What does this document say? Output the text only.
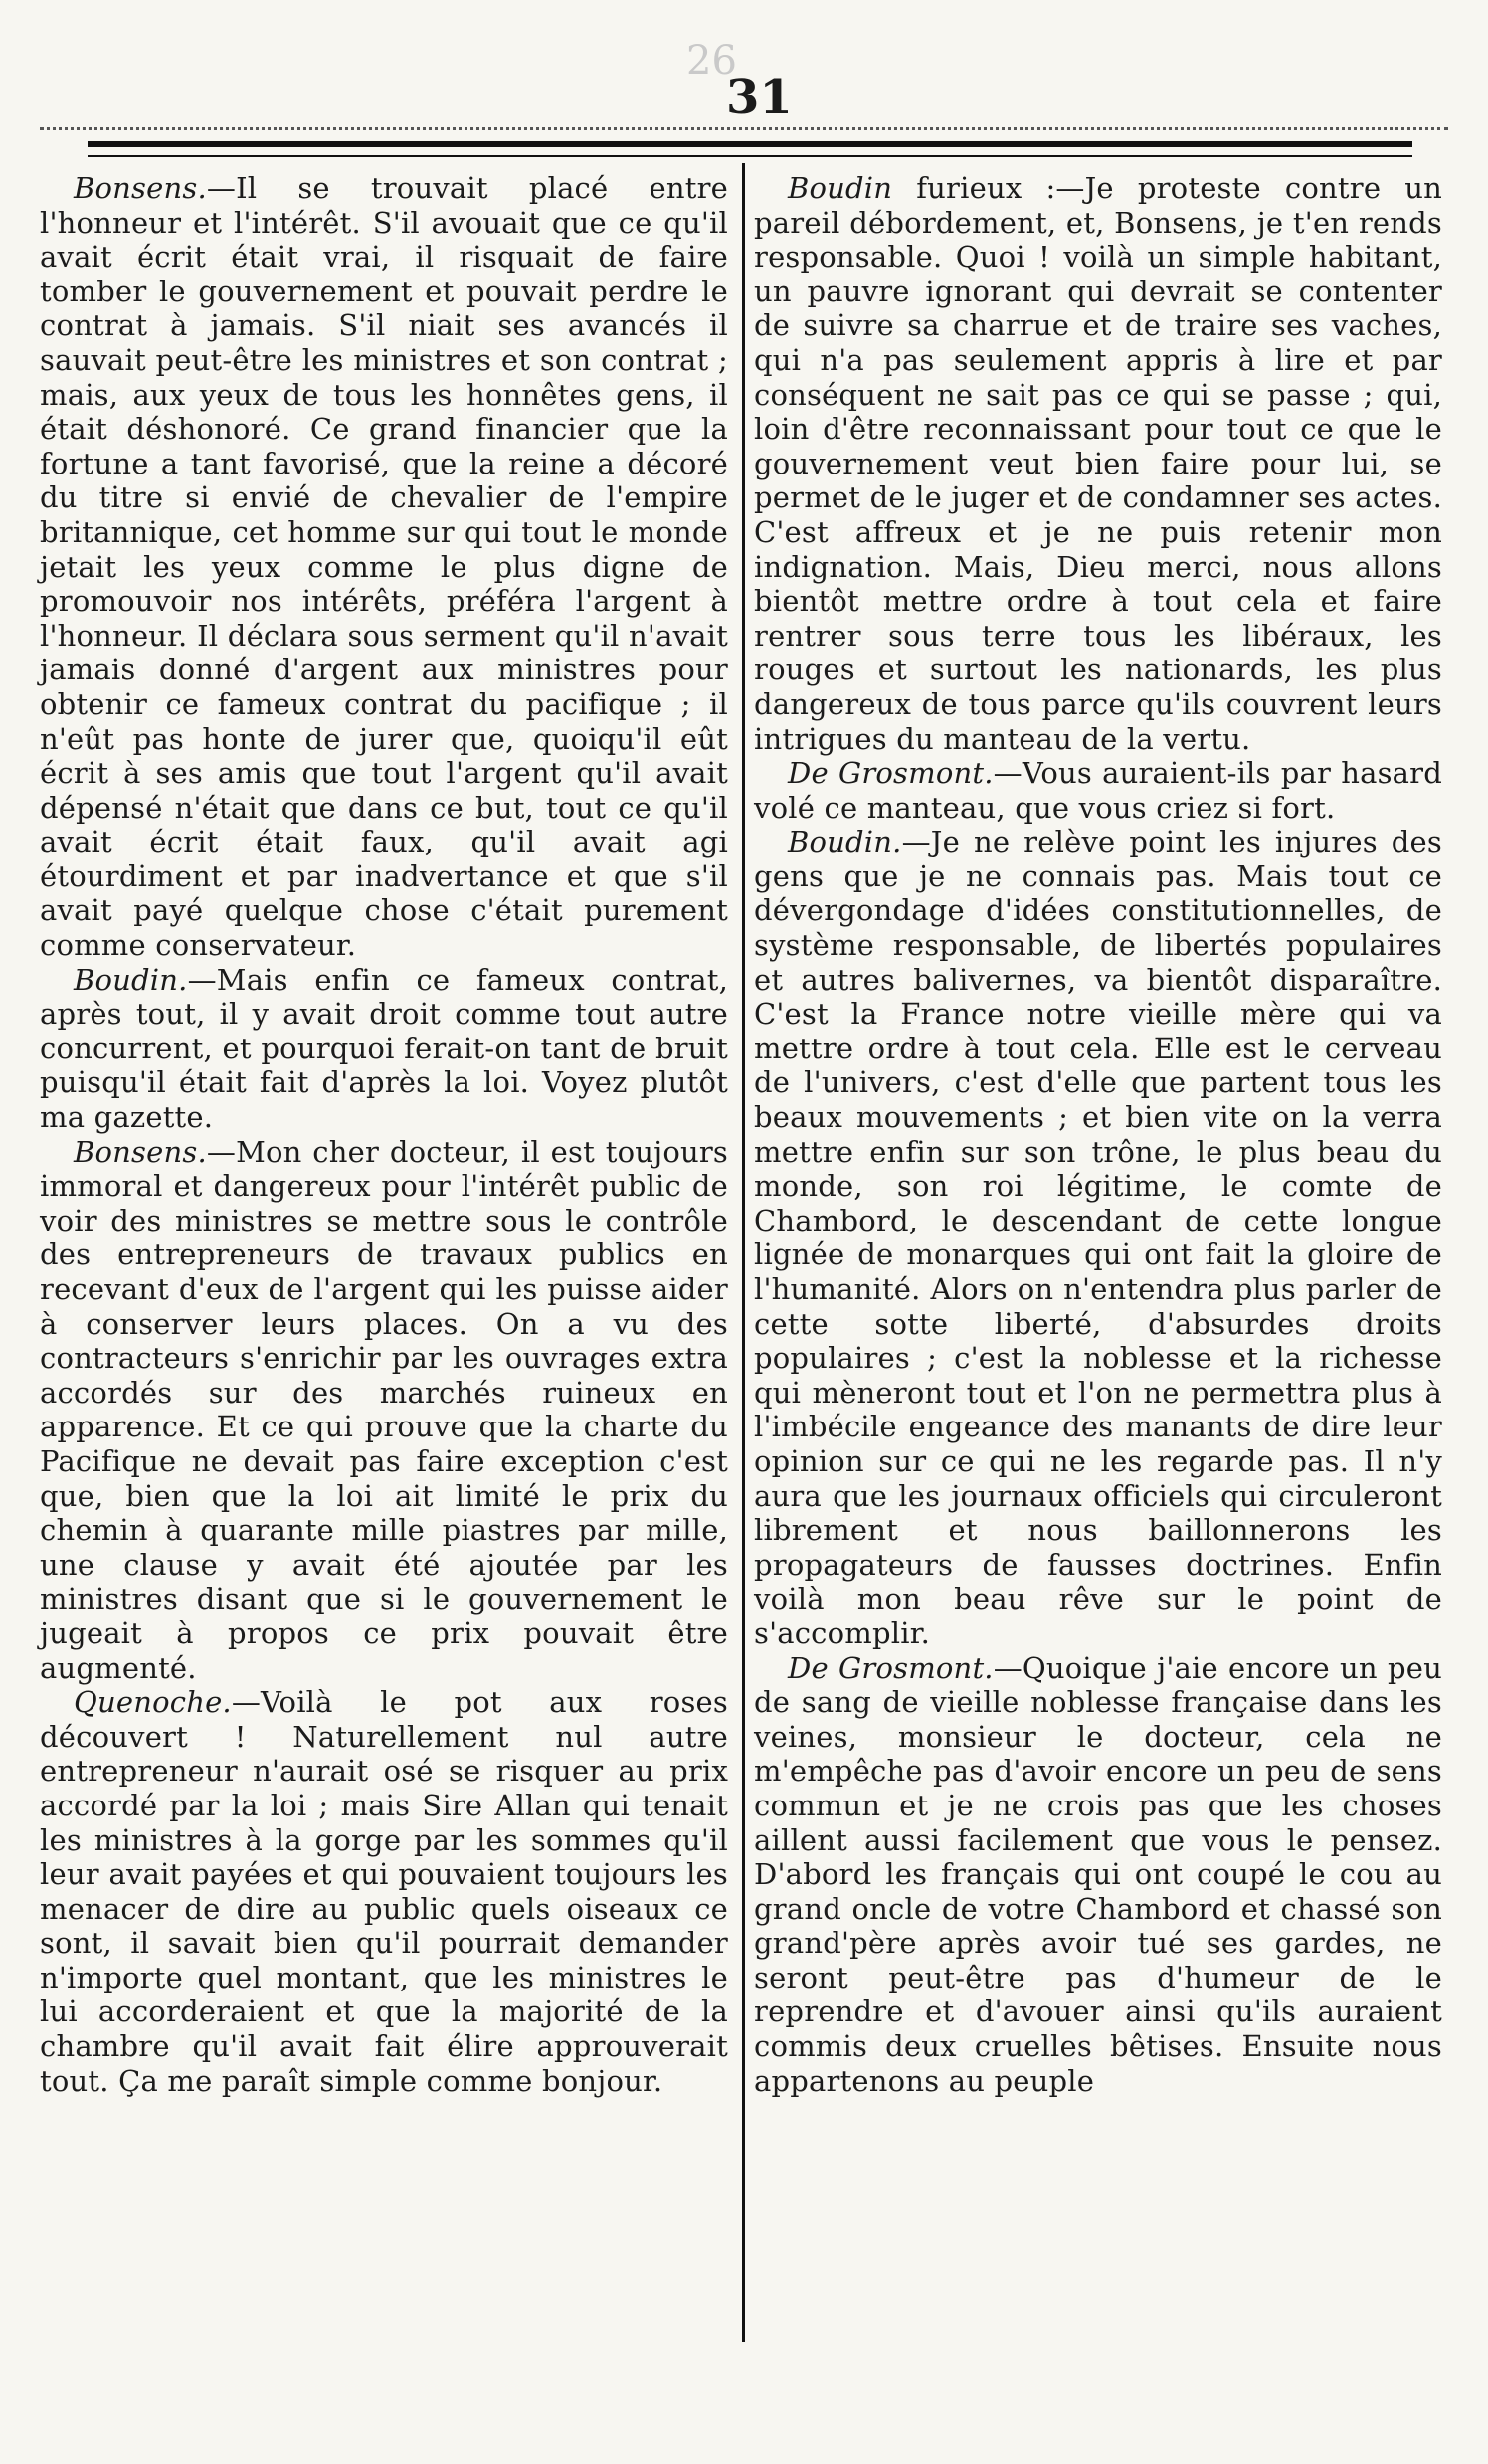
26
31

Bonsens.—Il se trouvait placé entre l'honneur et l'intérêt. S'il avouait que ce qu'il avait écrit était vrai, il risquait de faire tomber le gouvernement et pouvait perdre le contrat à jamais. S'il niait ses avancés il sauvait peut-être les ministres et son contrat ; mais, aux yeux de tous les honnêtes gens, il était déshonoré. Ce grand financier que la fortune a tant favorisé, que la reine a décoré du titre si envié de chevalier de l'empire britannique, cet homme sur qui tout le monde jetait les yeux comme le plus digne de promouvoir nos intérêts, préféra l'argent à l'honneur. Il déclara sous serment qu'il n'avait jamais donné d'argent aux ministres pour obtenir ce fameux contrat du pacifique ; il n'eût pas honte de jurer que, quoiqu'il eût écrit à ses amis que tout l'argent qu'il avait dépensé n'était que dans ce but, tout ce qu'il avait écrit était faux, qu'il avait agi étourdiment et par inadvertance et que s'il avait payé quelque chose c'était purement comme conservateur.

Boudin.—Mais enfin ce fameux contrat, après tout, il y avait droit comme tout autre concurrent, et pourquoi ferait-on tant de bruit puisqu'il était fait d'après la loi. Voyez plutôt ma gazette.

Bonsens.—Mon cher docteur, il est toujours immoral et dangereux pour l'intérêt public de voir des ministres se mettre sous le contrôle des entrepreneurs de travaux publics en recevant d'eux de l'argent qui les puisse aider à conserver leurs places. On a vu des contracteurs s'enrichir par les ouvrages extra accordés sur des marchés ruineux en apparence. Et ce qui prouve que la charte du Pacifique ne devait pas faire exception c'est que, bien que la loi ait limité le prix du chemin à quarante mille piastres par mille, une clause y avait été ajoutée par les ministres disant que si le gouvernement le jugeait à propos ce prix pouvait être augmenté.

Quenoche.—Voilà le pot aux roses découvert ! Naturellement nul autre entrepreneur n'aurait osé se risquer au prix accordé par la loi ; mais Sire Allan qui tenait les ministres à la gorge par les sommes qu'il leur avait payées et qui pouvaient toujours les menacer de dire au public quels oiseaux ce sont, il savait bien qu'il pourrait demander n'importe quel montant, que les ministres le lui accorderaient et que la majorité de la chambre qu'il avait fait élire approuverait tout. Ça me paraît simple comme bonjour.

Boudin furieux :—Je proteste contre un pareil débordement, et, Bonsens, je t'en rends responsable. Quoi ! voilà un simple habitant, un pauvre ignorant qui devrait se contenter de suivre sa charrue et de traire ses vaches, qui n'a pas seulement appris à lire et par conséquent ne sait pas ce qui se passe ; qui, loin d'être reconnaissant pour tout ce que le gouvernement veut bien faire pour lui, se permet de le juger et de condamner ses actes. C'est affreux et je ne puis retenir mon indignation. Mais, Dieu merci, nous allons bientôt mettre ordre à tout cela et faire rentrer sous terre tous les libéraux, les rouges et surtout les nationards, les plus dangereux de tous parce qu'ils couvrent leurs intrigues du manteau de la vertu.

De Grosmont.—Vous auraient-ils par hasard volé ce manteau, que vous criez si fort.

Boudin.—Je ne relève point les injures des gens que je ne connais pas. Mais tout ce dévergondage d'idées constitutionnelles, de système responsable, de libertés populaires et autres balivernes, va bientôt disparaître. C'est la France notre vieille mère qui va mettre ordre à tout cela. Elle est le cerveau de l'univers, c'est d'elle que partent tous les beaux mouvements ; et bien vite on la verra mettre enfin sur son trône, le plus beau du monde, son roi légitime, le comte de Chambord, le descendant de cette longue lignée de monarques qui ont fait la gloire de l'humanité. Alors on n'entendra plus parler de cette sotte liberté, d'absurdes droits populaires ; c'est la noblesse et la richesse qui mèneront tout et l'on ne permettra plus à l'imbécile engeance des manants de dire leur opinion sur ce qui ne les regarde pas. Il n'y aura que les journaux officiels qui circuleront librement et nous baillonnerons les propagateurs de fausses doctrines. Enfin voilà mon beau rêve sur le point de s'accomplir.

De Grosmont.—Quoique j'aie encore un peu de sang de vieille noblesse française dans les veines, monsieur le docteur, cela ne m'empêche pas d'avoir encore un peu de sens commun et je ne crois pas que les choses aillent aussi facilement que vous le pensez. D'abord les français qui ont coupé le cou au grand oncle de votre Chambord et chassé son grand'père après avoir tué ses gardes, ne seront peut-être pas d'humeur de le reprendre et d'avouer ainsi qu'ils auraient commis deux cruelles bêtises. Ensuite nous appartenons au peuple
